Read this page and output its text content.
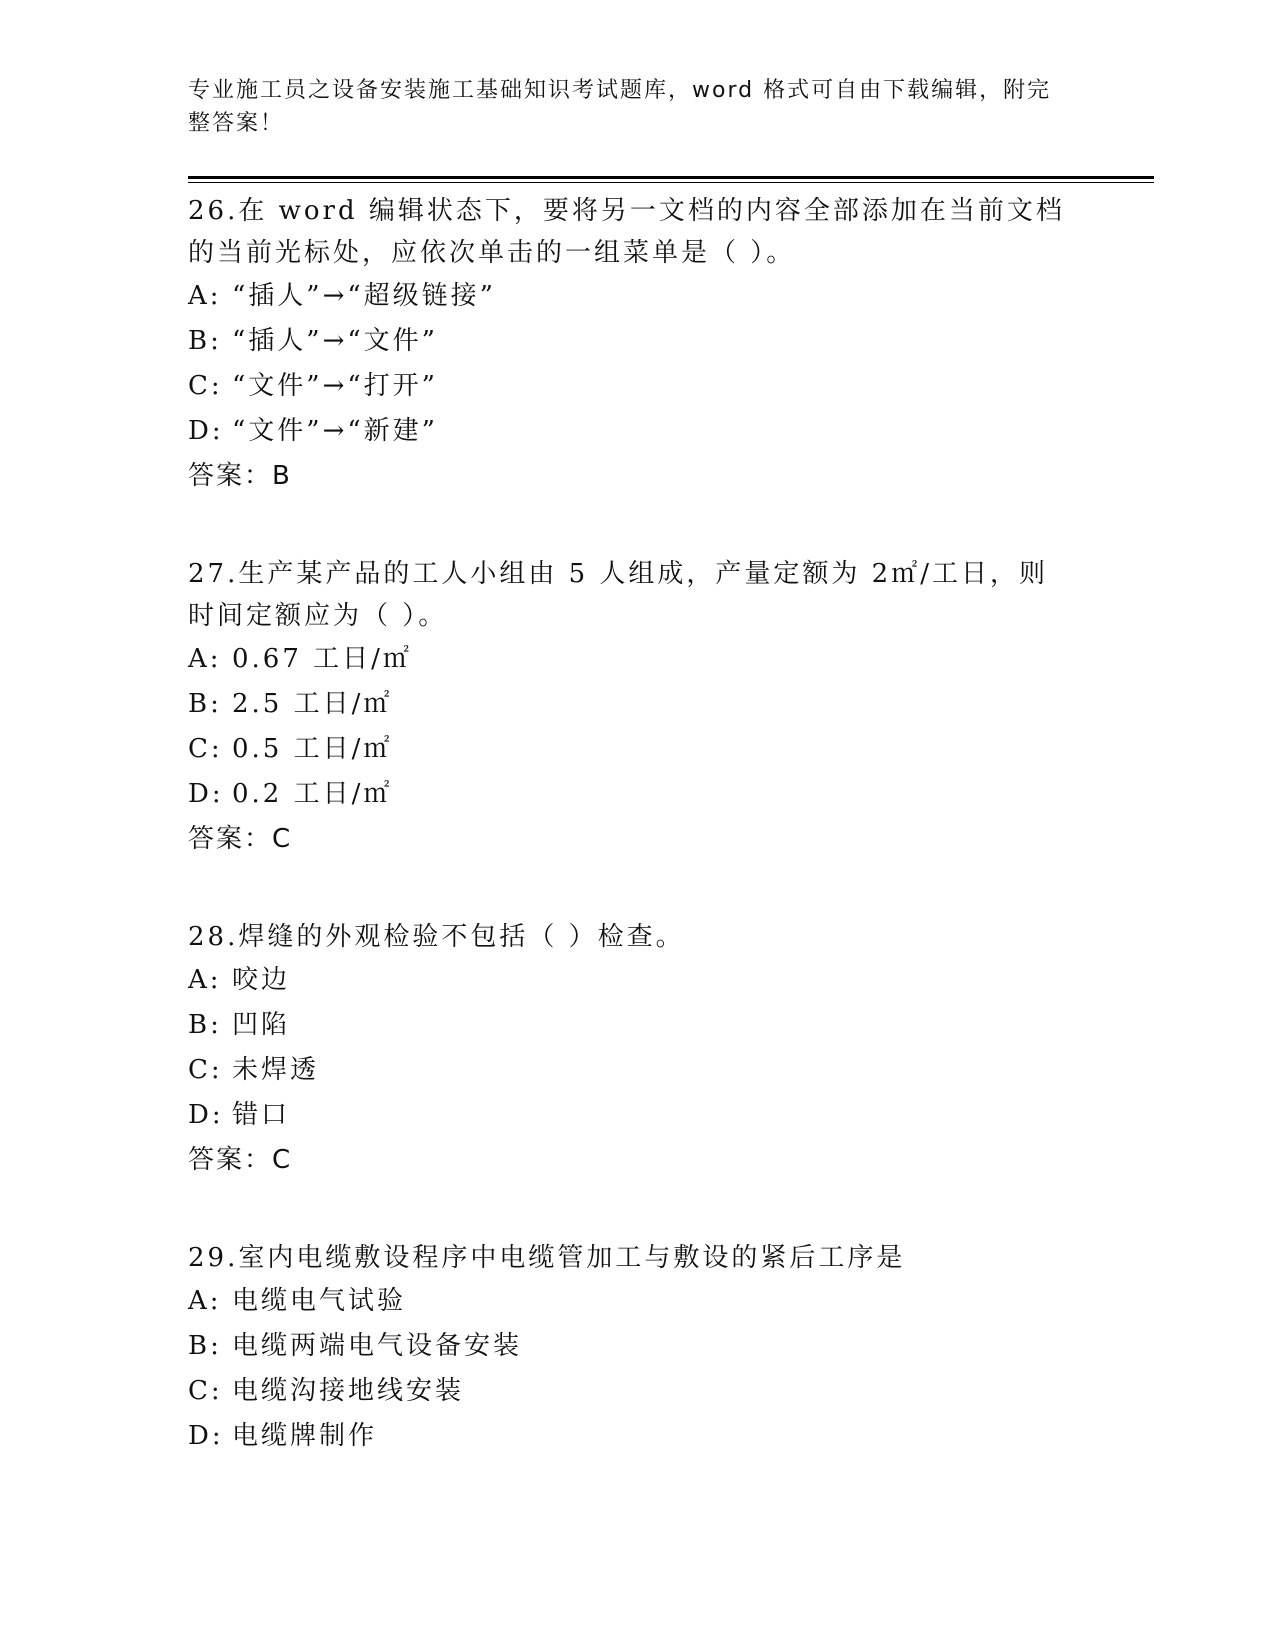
专业施工员之设备安装施工基础知识考试题库，word 格式可自由下载编辑，附完整答案！

26.在 word 编辑状态下，要将另一文档的内容全部添加在当前文档的当前光标处，应依次单击的一组菜单是（ ）。

A: “插人”→“超级链接”

B: “插人”→“文件”

C: “文件”→“打开”

D: “文件”→“新建”

答案：B

27.生产某产品的工人小组由 5 人组成，产量定额为 2㎡/工日，则时间定额应为（ ）。

A: 0.67 工日/㎡

B: 2.5 工日/㎡

C: 0.5 工日/㎡

D: 0.2 工日/㎡

答案：C

28.焊缝的外观检验不包括（ ）检查。

A: 咬边

B: 凹陷

C: 未焊透

D: 错口

答案：C

29.室内电缆敷设程序中电缆管加工与敷设的紧后工序是

A: 电缆电气试验

B: 电缆两端电气设备安装

C: 电缆沟接地线安装

D: 电缆牌制作
